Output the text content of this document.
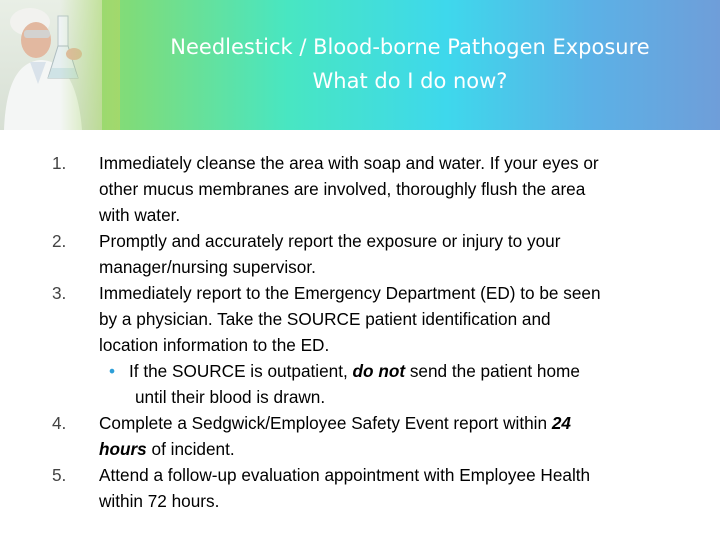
Needlestick / Blood-borne Pathogen Exposure
What do I do now?
1.	Immediately cleanse the area with soap and water. If your eyes or
other mucus membranes are involved, thoroughly flush the area
with water.
2.	Promptly and accurately report the exposure or injury to your
manager/nursing supervisor.
3.	Immediately report to the Emergency Department (ED) to be seen
by a physician. Take the SOURCE patient identification and
location information to the ED.
• If the SOURCE is outpatient, do not send the patient home
until their blood is drawn.
4.	Complete a Sedgwick/Employee Safety Event report within 24
hours of incident.
5.	Attend a follow-up evaluation appointment with Employee Health
within 72 hours.
